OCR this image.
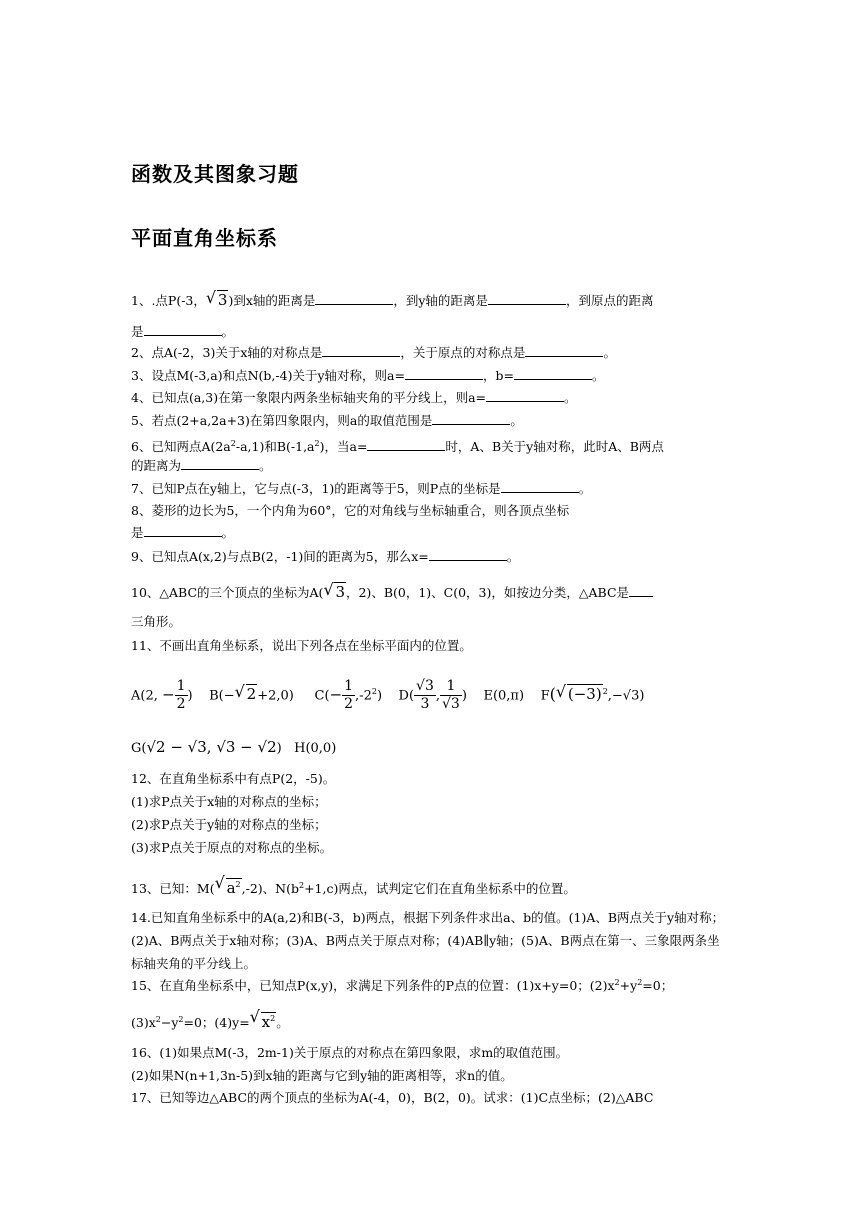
函数及其图象习题
平面直角坐标系
1、.点P(-3， √ 3)到x轴的距离是	，到y轴的距离是	，到原点的距离
是	。
2、点A(-2，3)关于x轴的对称点是	，关于原点的对称点是	。
3、设点M(-3,a)和点N(b,-4)关于y轴对称，则a=	，b=	。
4、已知点(a,3)在第一象限内两条坐标轴夹角的平分线上，则a=	。
5、若点(2+a,2a+3)在第四象限内，则a的取值范围是	。
6、已知两点$A(2a^2-a,1)$和$B(-1,a^2)$，当a=	时，A、B关于y轴对称，此时A、B两点
的距离为	。
7、已知P点在y轴上，它与点(-3，1)的距离等于5，则P点的坐标是	。
8、菱形的边长为5，一个内角为60°，它的对角线与坐标轴重合，则各顶点坐标
是	。
9、已知点A(x,2)与点B(2，-1)间的距离为5，那么x=	。
10、△ABC的三个顶点的坐标为A( √ 3，2)、B(0，1)、C(0，3)，如按边分类，△ABC是
三角形。
11、不画出直角坐标系，说出下列各点在坐标平面内的位置。
A(2, − $\frac{1}{2}$ ) B(− √ 2+2,0) $C(- \frac{1}{2} ,-2^2)$    $D( \frac{√3}{3}$ , $\frac{1}{√3}$ ) E(0,π) F( √ $(-3)^2,-√3$)
G(√2 − √3, √3 − √2) H(0,0)
12、在直角坐标系中有点P(2，-5)。
(1)求P点关于x轴的对称点的坐标；
(2)求P点关于y轴的对称点的坐标；
(3)求P点关于原点的对称点的坐标。
13、已知：M( √ $a^2,-2$)、$N(b^2+1,c)$两点，试判定它们在直角坐标系中的位置。
14.已知直角坐标系中的A(a,2)和B(-3，b)两点，根据下列条件求出a、b的值。(1)A、B两点关于y轴对称；(2)A、B两点关于x轴对称；(3)A、B两点关于原点对称；(4)AB∥y轴；(5)A、B两点在第一、三象限两条坐标轴夹角的平分线上。
15、在直角坐标系中，已知点P(x,y)，求满足下列条件的P点的位置：(1)x+y=0；$(2)x^2+y^2=0$；
$(3)x^2-y^2=0$；(4)y= √ $x^2$。
16、(1)如果点M(-3，2m-1)关于原点的对称点在第四象限，求m的取值范围。
(2)如果N(n+1,3n-5)到x轴的距离与它到y轴的距离相等，求n的值。
17、已知等边△ABC的两个顶点的坐标为A(-4，0)，B(2，0)。试求：(1)C点坐标；(2)△ABC
